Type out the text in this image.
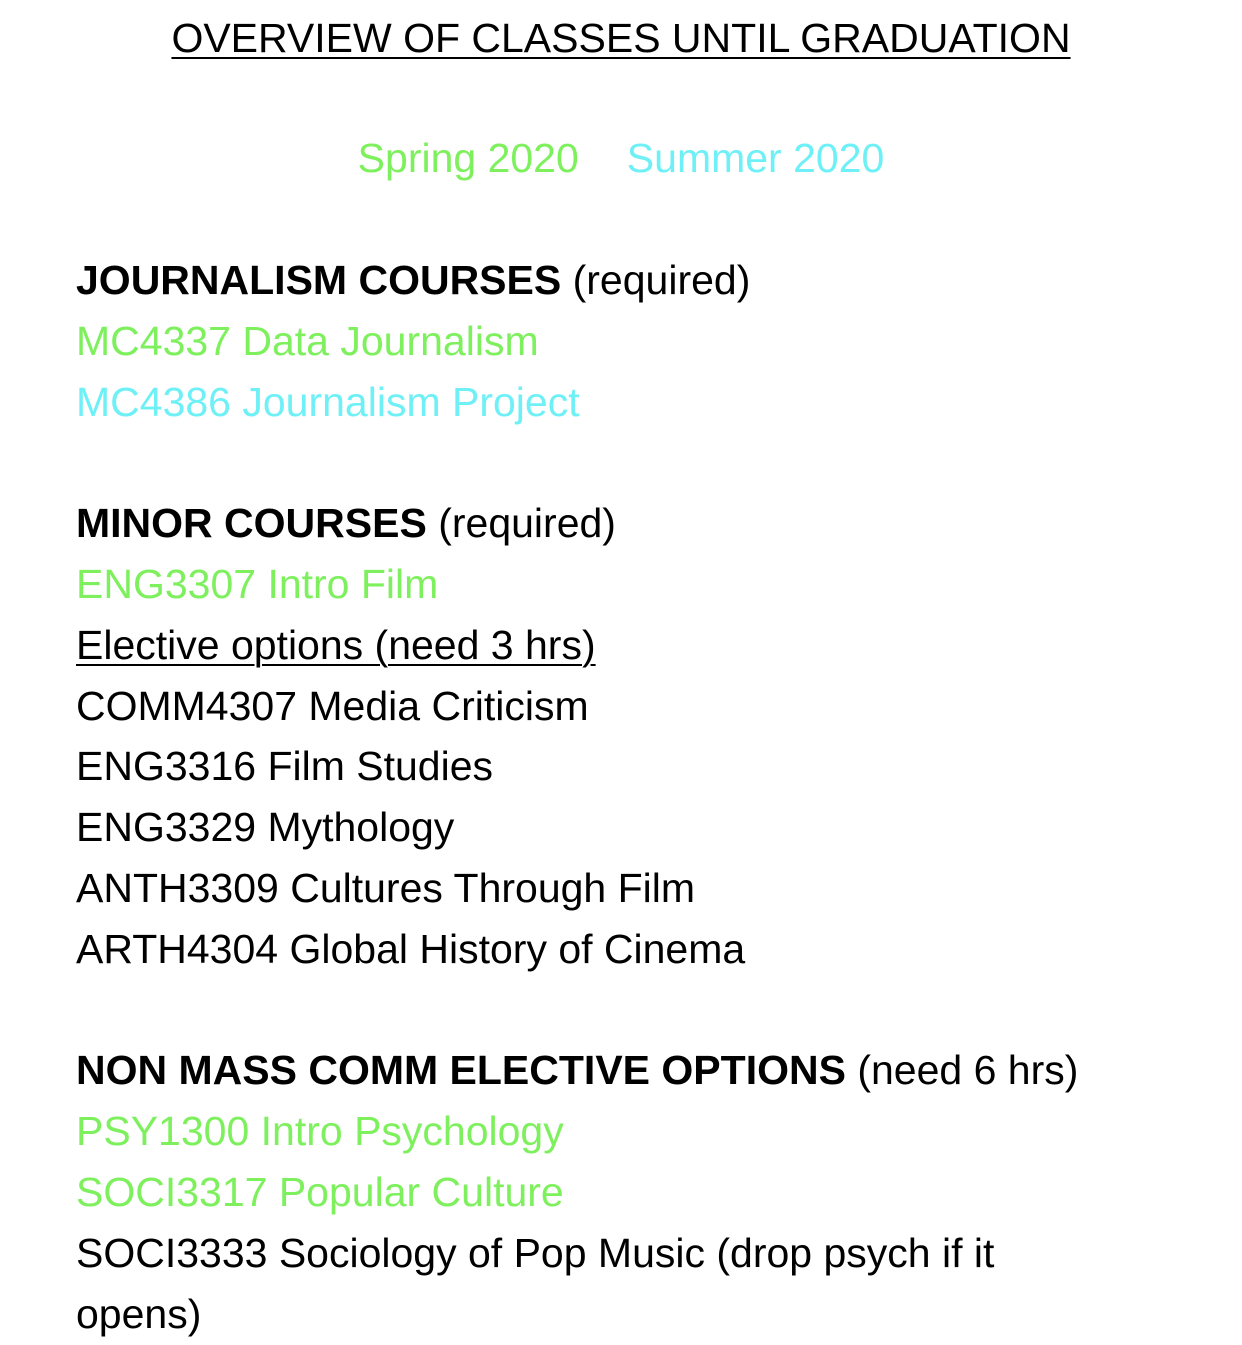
OVERVIEW OF CLASSES UNTIL GRADUATION
Spring 2020 Summer 2020
JOURNALISM COURSES (required)
MC4337 Data Journalism
MC4386 Journalism Project
MINOR COURSES (required)
ENG3307 Intro Film
Elective options (need 3 hrs)
COMM4307 Media Criticism
ENG3316 Film Studies
ENG3329 Mythology
ANTH3309 Cultures Through Film
ARTH4304 Global History of Cinema
NON MASS COMM ELECTIVE OPTIONS (need 6 hrs)
PSY1300 Intro Psychology
SOCI3317 Popular Culture
SOCI3333 Sociology of Pop Music (drop psych if it opens)
